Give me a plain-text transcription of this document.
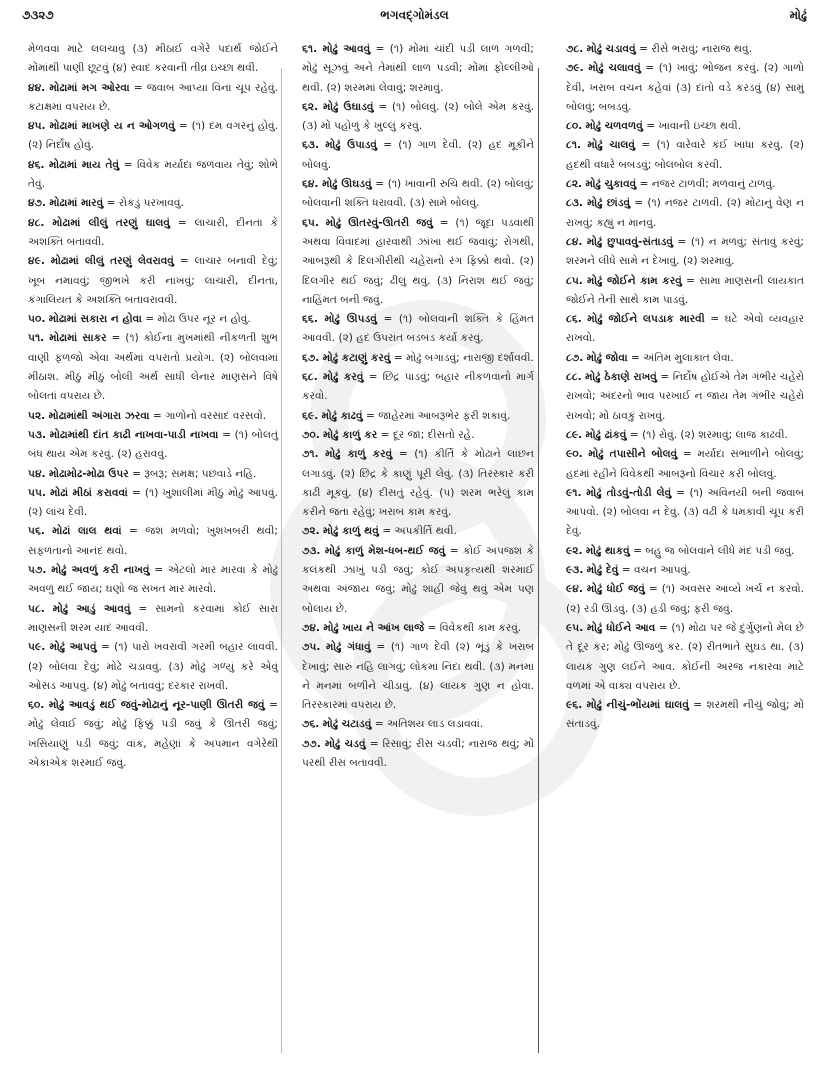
૭૩૨૭	ભગવદ્ગોમંડલ	મોઢું

મેળવવા માટે લલચાવું (૩) મીઠાઈ વગેરે પદાર્થ જોઈને મોંમાંથી પાણી છૂટવું (૪) સ્વાદ કરવાની તીવ્ર ઇચ્છા થવી.

૪૪. મોઢામાં મગ ઓરવા = જવાબ આપ્યા વિના ચૂપ રહેવું. કટાક્ષમાં વપરાય છે.

૪૫. મોઢામાં માખણે ય ન ઓગળવું = (૧) દમ વગરનું હોવું. (૨) નિર્દોષ હોવું.

૪૬. મોઢામાં માય તેવું = વિવેક મર્યાદા જળવાય તેવું; શોભે તેવું.

૪૭. મોઢામાં મારવું = રોકડું પરખાવવું.

૪૮. મોઢામાં લીલું તરણું ઘાલવું = લાચારી, દીનતા કે અશક્તિ બતાવવી.

૪૯. મોઢામાં લીલું તરણું લેવરાવવું = લાચાર બનાવી દેવું; ખૂબ નમાવવું; જીભખે કરી નાખવું; લાચારી, દીનતા, કંગાલિયત કે અશક્તિ બતાવરાવવી.

૫૦. મોઢામાં સકારા ન હોવા = મોઢા ઉપર નૂર ન હોવું.

૫૧. મોઢામાં સાકર = (૧) કોઈના મુખમાંથી નીકળતી શુભ વાણી ફળજો એવા અર્થમાં વપરાતો પ્રયોગ. (૨) બોલવામાં મીઠાશ. મીઠું મીઠું બોલી અર્થ સાધી લેનાર માણસને વિષે બોલતાં વપરાય છે.

૫૨. મોઢામાંથી અંગારા ઝરવા = ગાળોનો વરસાદ વરસવો.

૫૩. મોઢામાંથી દાંત કાઢી નાખવા-પાડી નાખવા = (૧) બોલતું બંધ થાય એમ કરવું. (૨) હરાવવું.

૫૪. મોઢામોઢ-મોઢા ઉપર = રૂબરૂ; સમક્ષ; પછવાડે નહિ.

૫૫. મોઢાં મીઠાં કરાવવાં = (૧) ખુશાલીમાં મીઠું મોઢું આપવું. (૨) લાંચ દેવી.

૫૬. મોઢાં લાલ થવાં = જશ મળવો; ખુશખબરી થવી; સફળતાનો આનંદ થવો.

૫૭. મોઢું અવળું કરી નાખવું = એટલો માર મારવા કે મોઢું અવળું થઈ જાય; ઘણો જ સખત માર મારવો.

૫૮. મોઢું આડું આવવું = સામનો કરવામાં કોઈ સારા માણસની શરમ યાદ આવવી.

૫૯. મોઢું આપવું = (૧) પારો ખવરાવી ગરમી બહાર લાવવી. (૨) બોલવા દેવું; મોઢે ચડાવવું. (૩) મોઢું ગળ્યું કરે એવું ઓસડ આપવું. (૪) મોઢું બતાવવું; દરકાર રાખવી.

૬૦. મોઢું આવડું થઈ જવું-મોઢાનું નૂર-પાણી ઊતરી જવું = મોઢું લેવાઈ જવું; મોઢું ફિક્કું પડી જવું કે ઊતરી જવું; ખસિયાણું પડી જવું; વાંક, મહેણાં કે અપમાન વગેરેથી એકાએક શરમાઈ જવું.

૬૧. મોઢું આવવું = (૧) મોંમાં ચાંદી પડી લાળ ગળવી; મોઢું સૂઝવું અને તેમાંથી લાળ પડવી; મોંમાં ફોલ્લીઓ થવી. (૨) શરમમાં લેવાવું; શરમાવું.

૬૨. મોઢું ઉઘાડવું = (૧) બોલવું. (૨) બોલે એમ કરવું. (૩) મોં પહોળું કે ખુલ્લું કરવું.

૬૩. મોઢું ઉપાડવું = (૧) ગાળ દેવી. (૨) હદ મૂકીને બોલવું.

૬૪. મોઢું ઊઘડવું = (૧) ખાવાની રુચિ થવી. (૨) બોલવું; બોલવાની શક્તિ ધરાવવી. (૩) સામે બોલવું.

૬૫. મોઢું ઊતરવું-ઊતરી જવું = (૧) જૂદા પડવાથી અથવા વિવાદમાં હારવાથી ઝાંખા થઈ જવાવું; રોગથી, આબરૂથી કે દિલગીરીથી ચહેરાનો રંગ ફિક્કો થવો. (૨) દિલગીર થઈ જવું; ઢીલું થવું. (૩) નિરાશ થઈ જવું; નાહિંમત બની જવું.

૬૬. મોઢું ઊપડવું = (૧) બોલવાની શક્તિ કે હિંમત આવવી. (૨) હદ ઉપરાંત બડબડ કર્યા કરવું.

૬૭. મોઢું કટાણું કરવું = મોઢું બગાડવું; નારાજી દર્શાવવી.

૬૮. મોઢું કરવું = છિદ્ર પાડવું; બહાર નીકળવાનો માર્ગ કરવો.

૬૯. મોઢું કાઢવું = જાહેરમાં આબરૂભેર ફરી શકાવું.

૭૦. મોઢું કાળું કર = દૂર જા; દીસતો રહે.

૭૧. મોઢું કાળું કરવું = (૧) કીર્તિ કે મોઢાને લાંછન લગાડવું. (૨) છિદ્ર કે કાણું પૂરી લેવું. (૩) તિરસ્કાર કરી કાઢી મૂકવું. (૪) દીસતું રહેવું. (૫) શરમ ભરેલું કામ કરીને જતા રહેવું; ખરાબ કામ કરવું.

૭૨. મોઢું કાળું થવું = અપકીર્તિ થવી.

૭૩. મોઢું કાળું મેશ-ધબ-થઈ જવું = કોઈ અપજશ કે કલંકથી ઝાંખું પડી જવું; કોઈ અપકૃત્યથી શરમાઈ અથવા અંજાય જવું; મોઢું શાહી જેવું થવું એમ પણ બોલાય છે.

૭૪. મોઢું ખાય ને આંખ લાજે = વિવેકથી કામ કરવું.

૭૫. મોઢું ગંધાવું = (૧) ગાળ દેવી (૨) ભૂંડું કે ખરાબ દેખાવું; સારું નહિ લાગવું; લોકમાં નિંદા થવી. (૩) મનમાં ને મનમાં બળીને ચીડાવું. (૪) લાયક ગુણ ન હોવા. તિરસ્કારમાં વપરાય છે.

૭૬. મોઢું ચટાડવું = અતિશય લાડ લડાવવાં.

૭૭. મોઢું ચડવું = રિસાવું; રીસ ચડવી; નારાજ થવું; મોં પરથી રીસ બતાવવી.

૭૮. મોઢું ચડાવવું = રીસે ભરાવું; નારાજ થવું.

૭૯. મોઢું ચલાવવું = (૧) ખાવું; ભોજન કરવું. (૨) ગાળો દેવી, ખરાબ વચન કહેવાં (૩) દાંતો વડે કરડવું (૪) સામું બોલવું; બબડવું.

૮૦. મોઢું ચળવળવું = ખાવાની ઇચ્છા થવી.

૮૧. મોઢું ચાલવું = (૧) વારેવારે કંઈ ખાધા કરવું. (૨) હદથી વધારે બબડવું; બોલબોલ કરવી.

૮૨. મોઢું ચુકાવવું = નજર ટાળવી; મળવાનું ટાળવું.

૮૩. મોઢું છાંડવું = (૧) નજર ટાળવી. (૨) મોટાનું વેણ ન રાખવું; કહ્યું ન માનવું.

૮૪. મોઢું છુપાવવું-સંતાડવું = (૧) ન મળવું; સંતાવું કરવું; શરમને લીધે સામે ન દેખાવું. (૨) શરમાવું.

૮૫. મોઢું જોઈને કામ કરવું = સામા માણસની લાયકાત જોઈને તેની સાથે કામ પાડવું.

૮૬. મોઢું જોઈને લપડાક મારવી = ઘટે એવો વ્યવહાર રાખવો.

૮૭. મોઢું જોવા = અંતિમ મુલાકાત લેવા.

૮૮. મોઢું ઠેકાણે રાખવું = નિર્દોષ હોઈએ તેમ ગંભીર ચહેરો રાખવો; અંદરનો ભાવ પરખાઈ ન જાય તેમ ગંભીર ચહેરો રાખવો; મોં ઠાવકું રાખવું.

૮૯. મોઢું ઢાંકવું = (૧) રોવું. (૨) શરમાવું; લાજ કાઢવી.

૯૦. મોઢું તપાસીને બોલવું = મર્યાદા સંભાળીને બોલવું; હદમાં રહીને વિવેકથી આબરૂનો વિચાર કરી બોલવું.

૯૧. મોઢું તોડવું-તોડી લેવું = (૧) અવિનયી બની જવાબ આપવો. (૨) બોલવા ન દેવું. (૩) વઢી કે ધમકાવી ચૂપ કરી દેવું.

૯૨. મોઢું થાકવું = બહુ જ બોલવાને લીધે મંદ પડી જવું.

૯૩. મોઢું દેવું = વચન આપવું.

૯૪. મોઢું ધોઈ જવું = (૧) અવસર આવ્યે ખર્ચ ન કરવો. (૨) રડી ઊડવું. (૩) હડી જવું; ફરી જવું.

૯૫. મોઢું ધોઈને આવ = (૧) મોઢા પર જે દુર્ગુણનો મેલ છે તે દૂર કર; મોઢું ઊજળું કર. (૨) રીતભાતે સુઘડ થા. (૩) લાયક ગુણ લઈને આવ. કોઈની અરજ નકારવા માટે વળમાં એ વાક્ય વપરાય છે.

૯૬. મોઢું નીચું-ભોંયમાં ઘાલવું = શરમથી નીચું જોવું; મોં સંતાડવું.
